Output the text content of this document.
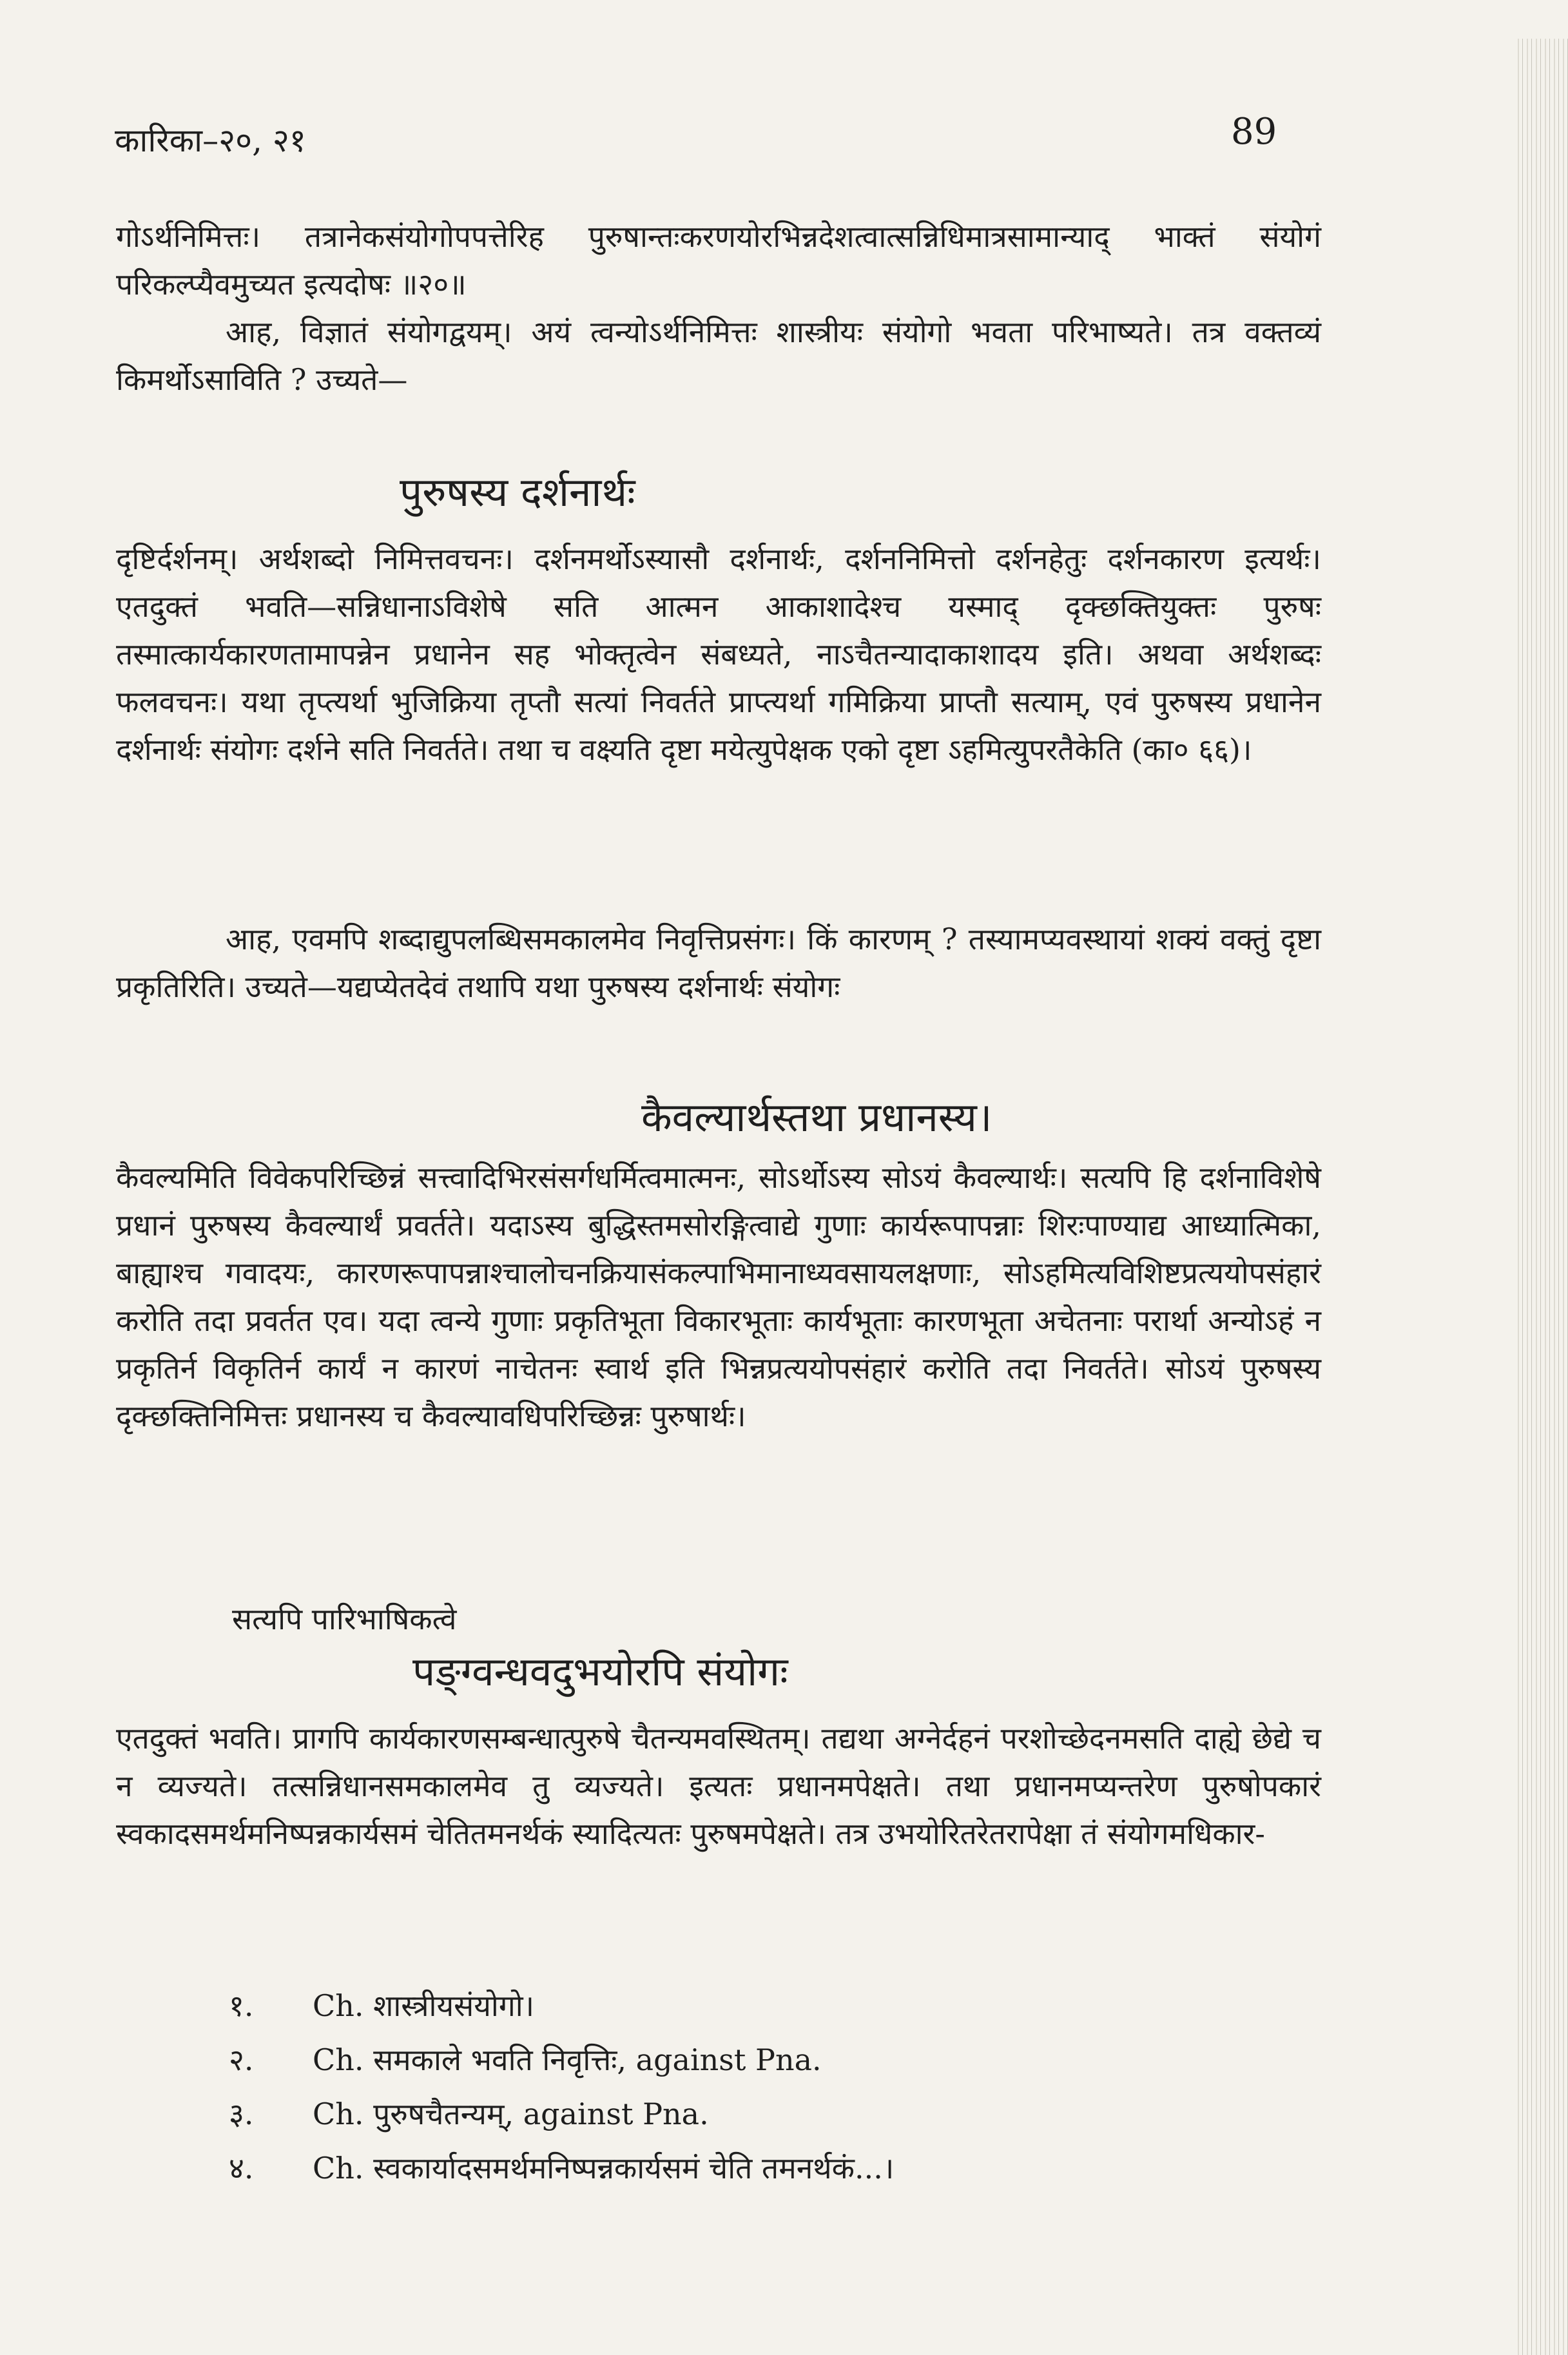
कारिका–२०, २१	89
गोऽर्थनिमित्तः। तत्रानेकसंयोगोपपत्तेरिह पुरुषान्तःकरणयोरभिन्नदेशत्वात्सन्निधिमात्रसामान्याद् भाक्तं संयोगं परिकल्प्यैवमुच्यत इत्यदोषः ॥२०॥
आह, विज्ञातं संयोगद्वयम्। अयं त्वन्योऽर्थनिमित्तः शास्त्रीयः संयोगो भवता परिभाष्यते। तत्र वक्तव्यं किमर्थोऽसाविति ? उच्यते—
पुरुषस्य दर्शनार्थः
दृष्टिर्दर्शनम्। अर्थशब्दो निमित्तवचनः। दर्शनमर्थोऽस्यासौ दर्शनार्थः, दर्शननिमित्तो दर्शनहेतुः दर्शनकारण इत्यर्थः। एतदुक्तं भवति—सन्निधानाऽविशेषे सति आत्मन आकाशादेश्च यस्माद् दृक्छक्तियुक्तः पुरुषः तस्मात्कार्यकारणतामापन्नेन प्रधानेन सह भोक्तृत्वेन संबध्यते, नाऽचैतन्यादाकाशादय इति। अथवा अर्थशब्दः फलवचनः। यथा तृप्त्यर्था भुजिक्रिया तृप्तौ सत्यां निवर्तते प्राप्त्यर्था गमिक्रिया प्राप्तौ सत्याम्, एवं पुरुषस्य प्रधानेन दर्शनार्थः संयोगः दर्शने सति निवर्तते। तथा च वक्ष्यति दृष्टा मयेत्युपेक्षक एको दृष्टा ऽहमित्युपरतैकेति (का० ६६)।
आह, एवमपि शब्दाद्युपलब्धिसमकालमेव निवृत्तिप्रसंगः। किं कारणम् ? तस्यामप्यवस्थायां शक्यं वक्तुं दृष्टा प्रकृतिरिति। उच्यते—यद्यप्येतदेवं तथापि यथा पुरुषस्य दर्शनार्थः संयोगः
कैवल्यार्थस्तथा प्रधानस्य।
कैवल्यमिति विवेकपरिच्छिन्नं सत्त्वादिभिरसंसर्गधर्मित्वमात्मनः, सोऽर्थोऽस्य सोऽयं कैवल्यार्थः। सत्यपि हि दर्शनाविशेषे प्रधानं पुरुषस्य कैवल्यार्थं प्रवर्तते। यदाऽस्य बुद्धिस्तमसोरङ्गित्वाद्ये गुणाः कार्यरूपापन्नाः शिरःपाण्याद्य आध्यात्मिका, बाह्याश्च गवादयः, कारणरूपापन्नाश्चालोचनक्रियासंकल्पाभिमानाध्यवसायलक्षणाः, सोऽहमित्यविशिष्टप्रत्ययोपसंहारं करोति तदा प्रवर्तत एव। यदा त्वन्ये गुणाः प्रकृतिभूता विकारभूताः कार्यभूताः कारणभूता अचेतनाः परार्था अन्योऽहं न प्रकृतिर्न विकृतिर्न कार्यं न कारणं नाचेतनः स्वार्थ इति भिन्नप्रत्ययोपसंहारं करोति तदा निवर्तते। सोऽयं पुरुषस्य दृक्छक्तिनिमित्तः प्रधानस्य च कैवल्यावधिपरिच्छिन्नः पुरुषार्थः।
सत्यपि पारिभाषिकत्वे
पङ्ग्वन्धवदुभयोरपि संयोगः
एतदुक्तं भवति। प्रागपि कार्यकारणसम्बन्धात्पुरुषे चैतन्यमवस्थितम्। तद्यथा अग्नेर्दहनं परशोच्छेदनमसति दाह्ये छेद्ये च न व्यज्यते। तत्सन्निधानसमकालमेव तु व्यज्यते। इत्यतः प्रधानमपेक्षते। तथा प्रधानमप्यन्तरेण पुरुषोपकारं स्वकादसमर्थमनिष्पन्नकार्यसमं चेतितमनर्थकं स्यादित्यतः पुरुषमपेक्षते। तत्र उभयोरितरेतरापेक्षा तं संयोगमधिकार-
१. Ch. शास्त्रीयसंयोगो।
२. Ch. समकाले भवति निवृत्तिः, against Pna.
३. Ch. पुरुषचैतन्यम्, against Pna.
४. Ch. स्वकार्यादसमर्थमनिष्पन्नकार्यसमं चेति तमनर्थकं...।
